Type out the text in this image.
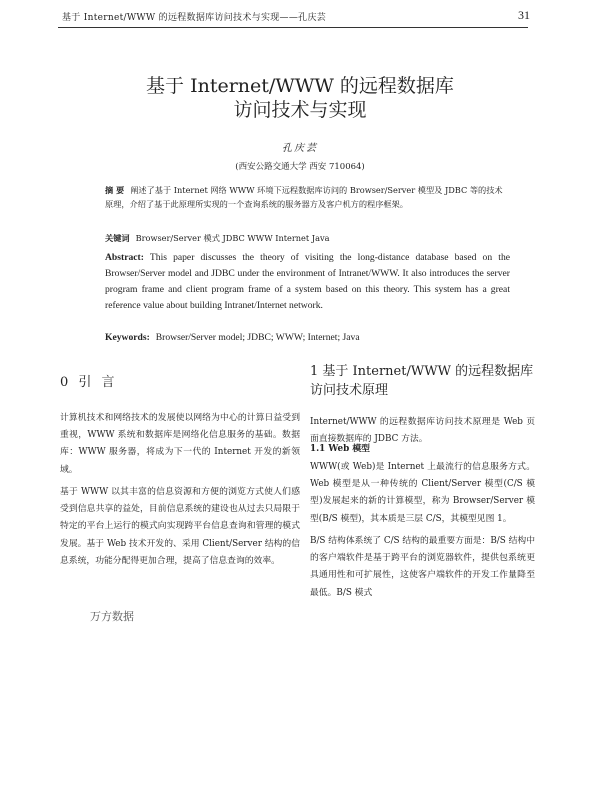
基于 Internet/WWW 的远程数据库访问技术与实现——孔庆芸	31
基于 Internet/WWW 的远程数据库
访问技术与实现
孔庆芸
(西安公路交通大学 西安 710064)
摘 要 阐述了基于 Internet 网络 WWW 环境下远程数据库访问的 Browser/Server 模型及 JDBC 等的技术原理，介绍了基于此原理所实现的一个查询系统的服务器方及客户机方的程序框架。
关键词 Browser/Server 模式 JDBC WWW Internet Java
Abstract: This paper discusses the theory of visiting the long-distance database based on the Browser/Server model and JDBC under the environment of Intranet/WWW. It also introduces the server program frame and client program frame of a system based on this theory. This system has a great reference value about building Intranet/Internet network.
Keywords: Browser/Server model; JDBC; WWW; Internet; Java
0 引 言
计算机技术和网络技术的发展使以网络为中心的计算日益受到重视，WWW 系统和数据库是网络化信息服务的基础。数据库：WWW 服务器，将成为下一代的 Internet 开发的新领域。
基于 WWW 以其丰富的信息资源和方便的浏览方式使人们感受到信息共享的益处，目前信息系统的建设也从过去只局限于特定的平台上运行的模式向实现跨平台信息查询和管理的模式发展。基于 Web 技术开发的、采用 Client/Server 结构的信息系统，功能分配得更加合理，提高了信息查询的效率。
1 基于 Internet/WWW 的远程数据库访问技术原理
Internet/WWW 的远程数据库访问技术原理是 Web 页面直接数据库的 JDBC 方法。
1.1 Web 模型
WWW(或 Web)是 Internet 上最流行的信息服务方式。Web 模型是从一种传统的 Client/Server 模型(C/S 模型)发展起来的新的计算模型，称为 Browser/Server 模型(B/S 模型)，其本质是三层 C/S，其模型见图 1。
B/S 结构体系统了 C/S 结构的最重要方面是：B/S 结构中的客户端软件是基于跨平台的浏览器软件，提供包系统更具通用性和可扩展性，这使客户端软件的开发工作量降至最低。B/S 模式
万方数据
